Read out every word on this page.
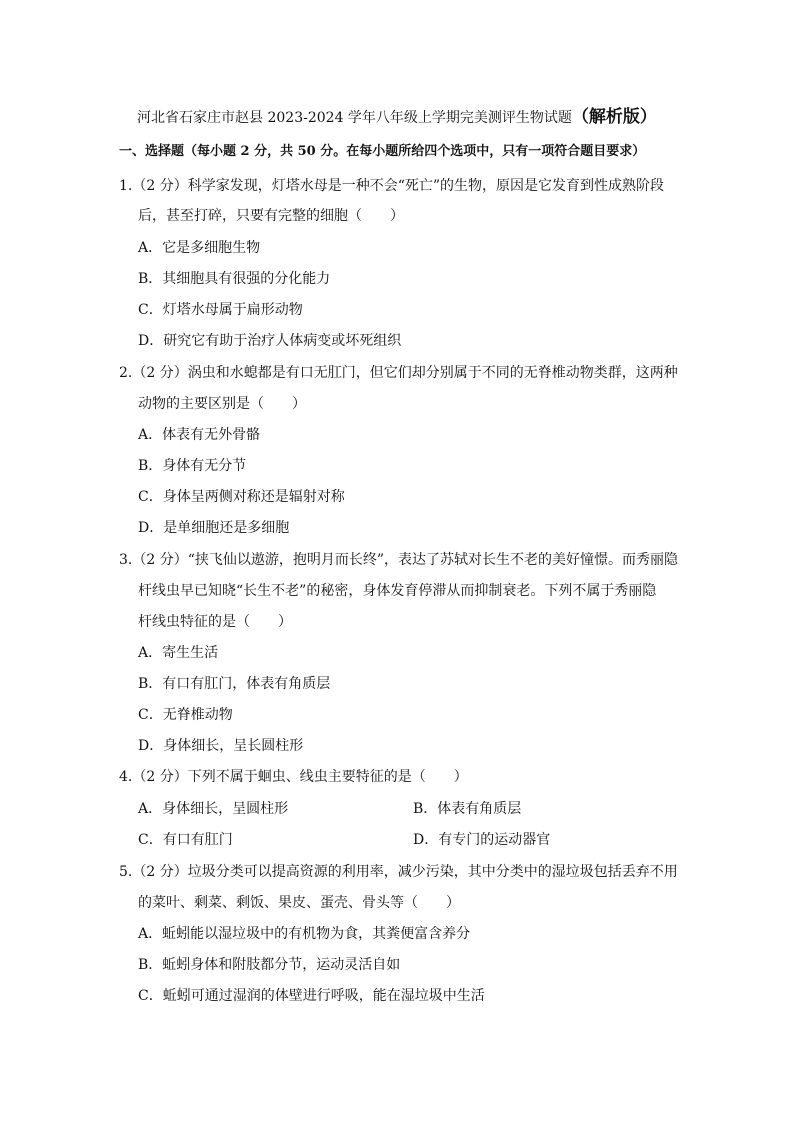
河北省石家庄市赵县 2023-2024 学年八年级上学期完美测评生物试题（解析版）
一、选择题（每小题 2 分，共 50 分。在每小题所给四个选项中，只有一项符合题目要求）
1.（2 分）科学家发现，灯塔水母是一种不会“死亡”的生物，原因是它发育到性成熟阶段
后，甚至打碎，只要有完整的细胞（　　）
A．它是多细胞生物
B．其细胞具有很强的分化能力
C．灯塔水母属于扁形动物
D．研究它有助于治疗人体病变或坏死组织
2.（2 分）涡虫和水螅都是有口无肛门，但它们却分别属于不同的无脊椎动物类群，这两种
动物的主要区别是（　　）
A．体表有无外骨骼
B．身体有无分节
C．身体呈两侧对称还是辐射对称
D．是单细胞还是多细胞
3.（2 分）“挟飞仙以遨游，抱明月而长终”，表达了苏轼对长生不老的美好憧憬。而秀丽隐
杆线虫早已知晓“长生不老”的秘密，身体发育停滞从而抑制衰老。下列不属于秀丽隐
杆线虫特征的是（　　）
A．寄生生活
B．有口有肛门，体表有角质层
C．无脊椎动物
D．身体细长，呈长圆柱形
4.（2 分）下列不属于蛔虫、线虫主要特征的是（　　）
A．身体细长，呈圆柱形	B．体表有角质层
C．有口有肛门	D．有专门的运动器官
5.（2 分）垃圾分类可以提高资源的利用率，减少污染，其中分类中的湿垃圾包括丢弃不用
的菜叶、剩菜、剩饭、果皮、蛋壳、骨头等（　　）
A．蚯蚓能以湿垃圾中的有机物为食，其粪便富含养分
B．蚯蚓身体和附肢都分节，运动灵活自如
C．蚯蚓可通过湿润的体壁进行呼吸，能在湿垃圾中生活
